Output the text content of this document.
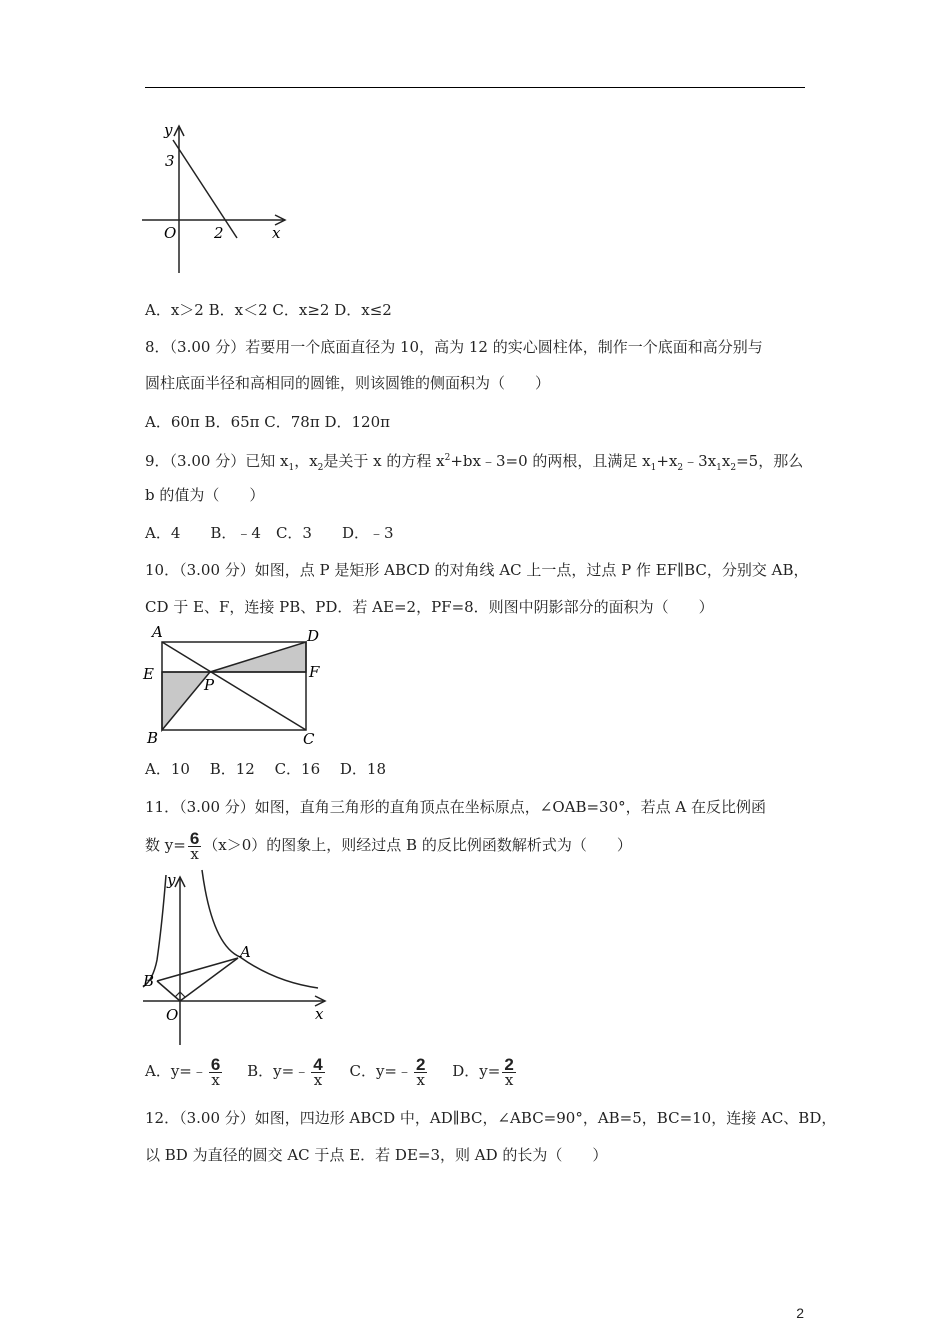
y
3
O	2	x
A．x＞2 B．x＜2 C．x≥2 D．x≤2
8．（3.00 分）若要用一个底面直径为 10，高为 12 的实心圆柱体，制作一个底面和高分别与
圆柱底面半径和高相同的圆锥，则该圆锥的侧面积为（　　）
A．60π B．65π C．78π D．120π
9．（3.00 分）已知 $x_1$，$x_2$是关于 x 的方程 $x^2+bx﹣3=0$ 的两根，且满足 $x_1+x_2﹣3x_1x_2=5$，那么
b 的值为（　　）
A．4　　B．﹣4　C．3　　D．﹣3
10．（3.00 分）如图，点 P 是矩形 ABCD 的对角线 AC 上一点，过点 P 作 EF∥BC，分别交 AB，
CD 于 E、F，连接 PB、PD．若 AE=2，PF=8．则图中阴影部分的面积为（　　）
A	D
E	F
P
B	C
A．10　 B．12　 C．16　 D．18
11．（3.00 分）如图，直角三角形的直角顶点在坐标原点，∠OAB=30°，若点 A 在反比例函
数 $y= \frac{6}{x} (x>0)$的图象上，则经过点 B 的反比例函数解析式为（　　）
y
A
B
O	x
A．y=﹣ $\frac{6}{x}$ B．y=﹣ $\frac{4}{x}$ C．y=﹣ $\frac{2}{x}$ D．$y= \frac{2}{x}$
12．（3.00 分）如图，四边形 ABCD 中，AD∥BC，∠ABC=90°，AB=5，BC=10，连接 AC、BD，
以 BD 为直径的圆交 AC 于点 E．若 DE=3，则 AD 的长为（　　）
2
